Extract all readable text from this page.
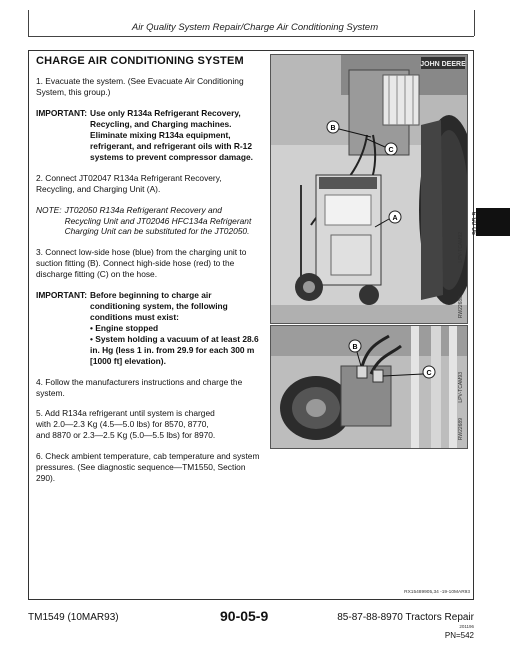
Air Quality System Repair/Charge Air Conditioning System
CHARGE AIR CONDITIONING SYSTEM

1. Evacuate the system. (See Evacuate Air Conditioning System, this group.)

IMPORTANT: Use only R134a Refrigerant Recovery, Recycling, and Charging machines. Eliminate mixing R134a equipment, refrigerant, and refrigerant oils with R-12 systems to prevent compressor damage.

2. Connect JT02047 R134a Refrigerant Recovery, Recycling, and Charging Unit (A).

NOTE: JT02050 R134a Refrigerant Recovery and Recycling Unit and JT02046 HFC134a Refrigerant Charging Unit can be substituted for the JT02050.

3. Connect low-side hose (blue) from the charging unit to suction fitting (B). Connect high-side hose (red) to the discharge fitting (C) on the hose.

IMPORTANT: Before beginning to charge air conditioning system, the following conditions must exist:
• Engine stopped
• System holding a vacuum of at least 28.6 in. Hg (less 1 in. from 29.9 for each 300 m [1000 ft] elevation).

4. Follow the manufacturers instructions and charge the system.

5. Add R134a refrigerant until system is charged
with 2.0—2.3 Kg (4.5—5.0 lbs) for 8570, 8770,
and 8870 or 2.3—2.5 Kg (5.0—5.5 lbs) for 8970.

6. Check ambient temperature, cab temperature and system pressures. (See diagnostic sequence—TM1550, Section 290).

JOHN DEERE
B
C
A
B
C
LPV-TCAM92
RW22688
LPV-TCAM93
RW22689
90 05 9
RX15489905,34 -19-10MAR93
TM1549 (10MAR93)	90-05-9	85-87-88-8970 Tractors Repair
201196
PN=542
